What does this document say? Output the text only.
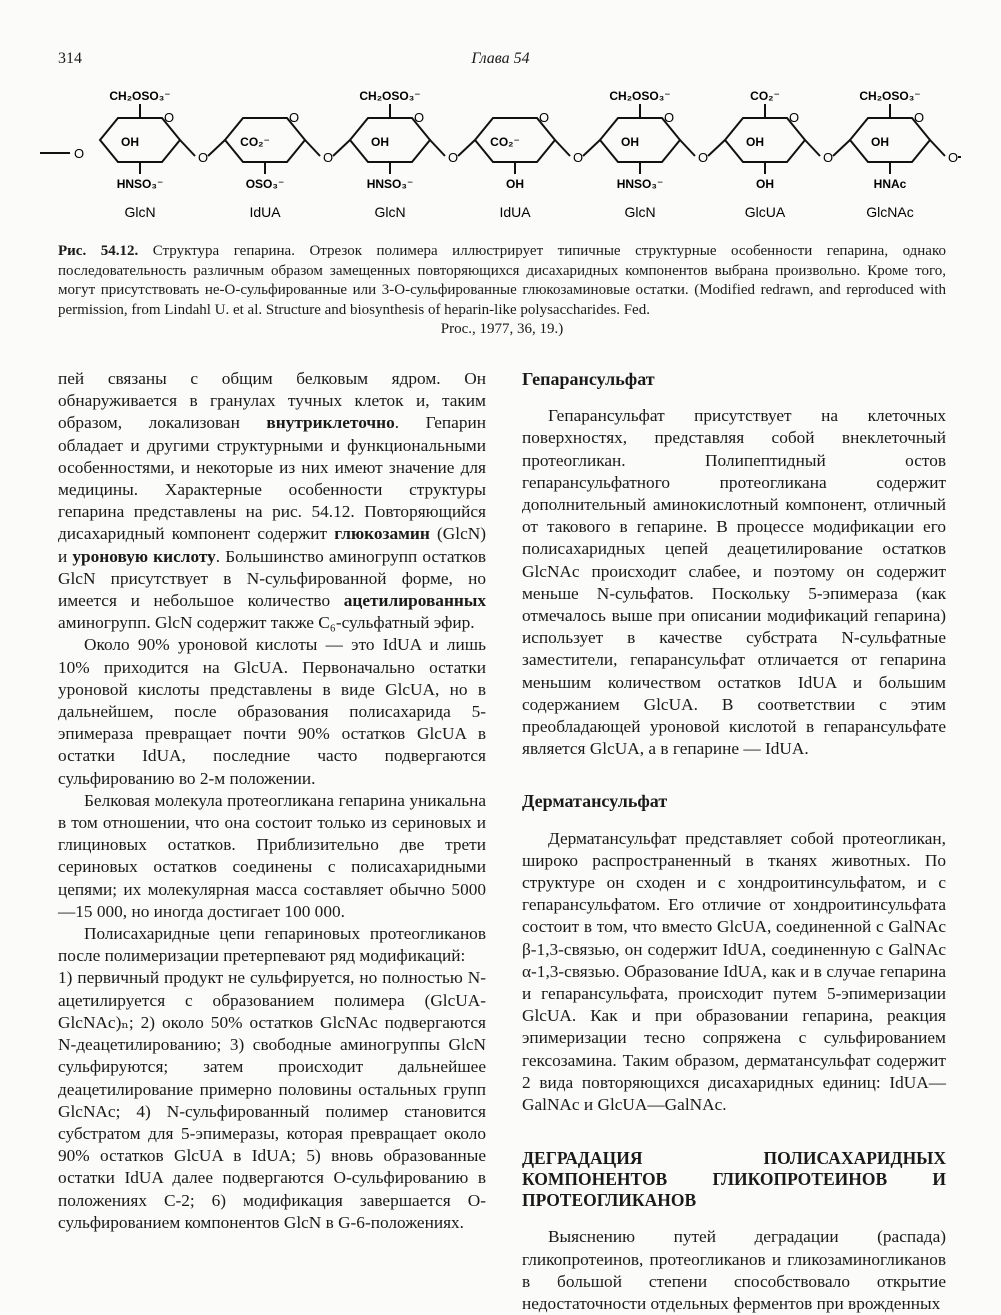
314	Глава 54
O
O
CH₂OSO₃⁻
OH
HNSO₃⁻
GlcN
O
O
CO₂⁻
OSO₃⁻
IdUA
O
O
CH₂OSO₃⁻
OH
HNSO₃⁻
GlcN
O
O
CO₂⁻
OH
IdUA
O
O
CH₂OSO₃⁻
OH
HNSO₃⁻
GlcN
O
O
CO₂⁻
OH
OH
GlcUA
O
O
CH₂OSO₃⁻
OH
HNAc
GlcNAc
O
Рис. 54.12. Структура гепарина. Отрезок полимера иллюстрирует типичные структурные особенности гепарина, однако последовательность различным образом замещенных повторяющихся дисахаридных компонентов выбрана произвольно. Кроме того, могут присутствовать не-О-сульфированные или 3-О-сульфированные глюкозаминовые остатки. (Modified redrawn, and reproduced with permission, from Lindahl U. et al. Structure and biosynthesis of heparin-like polysaccharides. Fed.
Proc., 1977, 36, 19.)

пей связаны с общим белковым ядром. Он обнаруживается в гранулах тучных клеток и, таким образом, локализован внутриклеточно. Гепарин обладает и другими структурными и функциональными особенностями, и некоторые из них имеют значение для медицины. Характерные особенности структуры гепарина представлены на рис. 54.12. Повторяющийся дисахаридный компонент содержит глюкозамин (GlcN) и уроновую кислоту. Большинство аминогрупп остатков GlcN присутствует в N-сульфированной форме, но имеется и небольшое количество ацетилированных аминогрупп. GlcN содержит также C₆-сульфатный эфир.

Около 90% уроновой кислоты — это IdUA и лишь 10% приходится на GlcUA. Первоначально остатки уроновой кислоты представлены в виде GlcUA, но в дальнейшем, после образования полисахарида 5-эпимераза превращает почти 90% остатков GlcUA в остатки IdUA, последние часто подвергаются сульфированию во 2-м положении.

Белковая молекула протеогликана гепарина уникальна в том отношении, что она состоит только из сериновых и глициновых остатков. Приблизительно две трети сериновых остатков соединены с полисахаридными цепями; их молекулярная масса составляет обычно 5000—15 000, но иногда достигает 100 000.

Полисахаридные цепи гепариновых протеогликанов после полимеризации претерпевают ряд модификаций:

1) первичный продукт не сульфируется, но полностью N-ацетилируется с образованием полимера (GlcUA-GlcNAc)ₙ; 2) около 50% остатков GlcNAc подвергаются N-деацетилированию; 3) свободные аминогруппы GlcN сульфируются; затем происходит дальнейшее деацетилирование примерно половины остальных групп GlcNAc; 4) N-сульфированный полимер становится субстратом для 5-эпимеразы, которая превращает около 90% остатков GlcUA в IdUA; 5) вновь образованные остатки IdUA далее подвергаются О-сульфированию в положениях С-2; 6) модификация завершается О-сульфированием компонентов GlcN в G-6-положениях.

Гепарансульфат

Гепарансульфат присутствует на клеточных поверхностях, представляя собой внеклеточный протеогликан. Полипептидный остов гепарансульфатного протеогликана содержит дополнительный аминокислотный компонент, отличный от такового в гепарине. В процессе модификации его полисахаридных цепей деацетилирование остатков GlcNAc происходит слабее, и поэтому он содержит меньше N-сульфатов. Поскольку 5-эпимераза (как отмечалось выше при описании модификаций гепарина) использует в качестве субстрата N-сульфатные заместители, гепарансульфат отличается от гепарина меньшим количеством остатков IdUA и большим содержанием GlcUA. В соответствии с этим преобладающей уроновой кислотой в гепарансульфате является GlcUA, а в гепарине — IdUA.

Дерматансульфат

Дерматансульфат представляет собой протеогликан, широко распространенный в тканях животных. По структуре он сходен и с хондроитинсульфатом, и с гепарансульфатом. Его отличие от хондроитинсульфата состоит в том, что вместо GlcUA, соединенной с GalNAc β-1,3-связью, он содержит IdUA, соединенную с GalNAc α-1,3-связью. Образование IdUA, как и в случае гепарина и гепарансульфата, происходит путем 5-эпимеризации GlcUA. Как и при образовании гепарина, реакция эпимеризации тесно сопряжена с сульфированием гексозамина. Таким образом, дерматансульфат содержит 2 вида повторяющихся дисахаридных единиц: IdUA—GalNAc и GlcUA—GalNAc.

ДЕГРАДАЦИЯ ПОЛИСАХАРИДНЫХ КОМПОНЕНТОВ ГЛИКОПРОТЕИНОВ И ПРОТЕОГЛИКАНОВ

Выяснению путей деградации (распада) гликопротеинов, протеогликанов и гликозаминогликанов в большой степени способствовало открытие недостаточности отдельных ферментов при врожденных
